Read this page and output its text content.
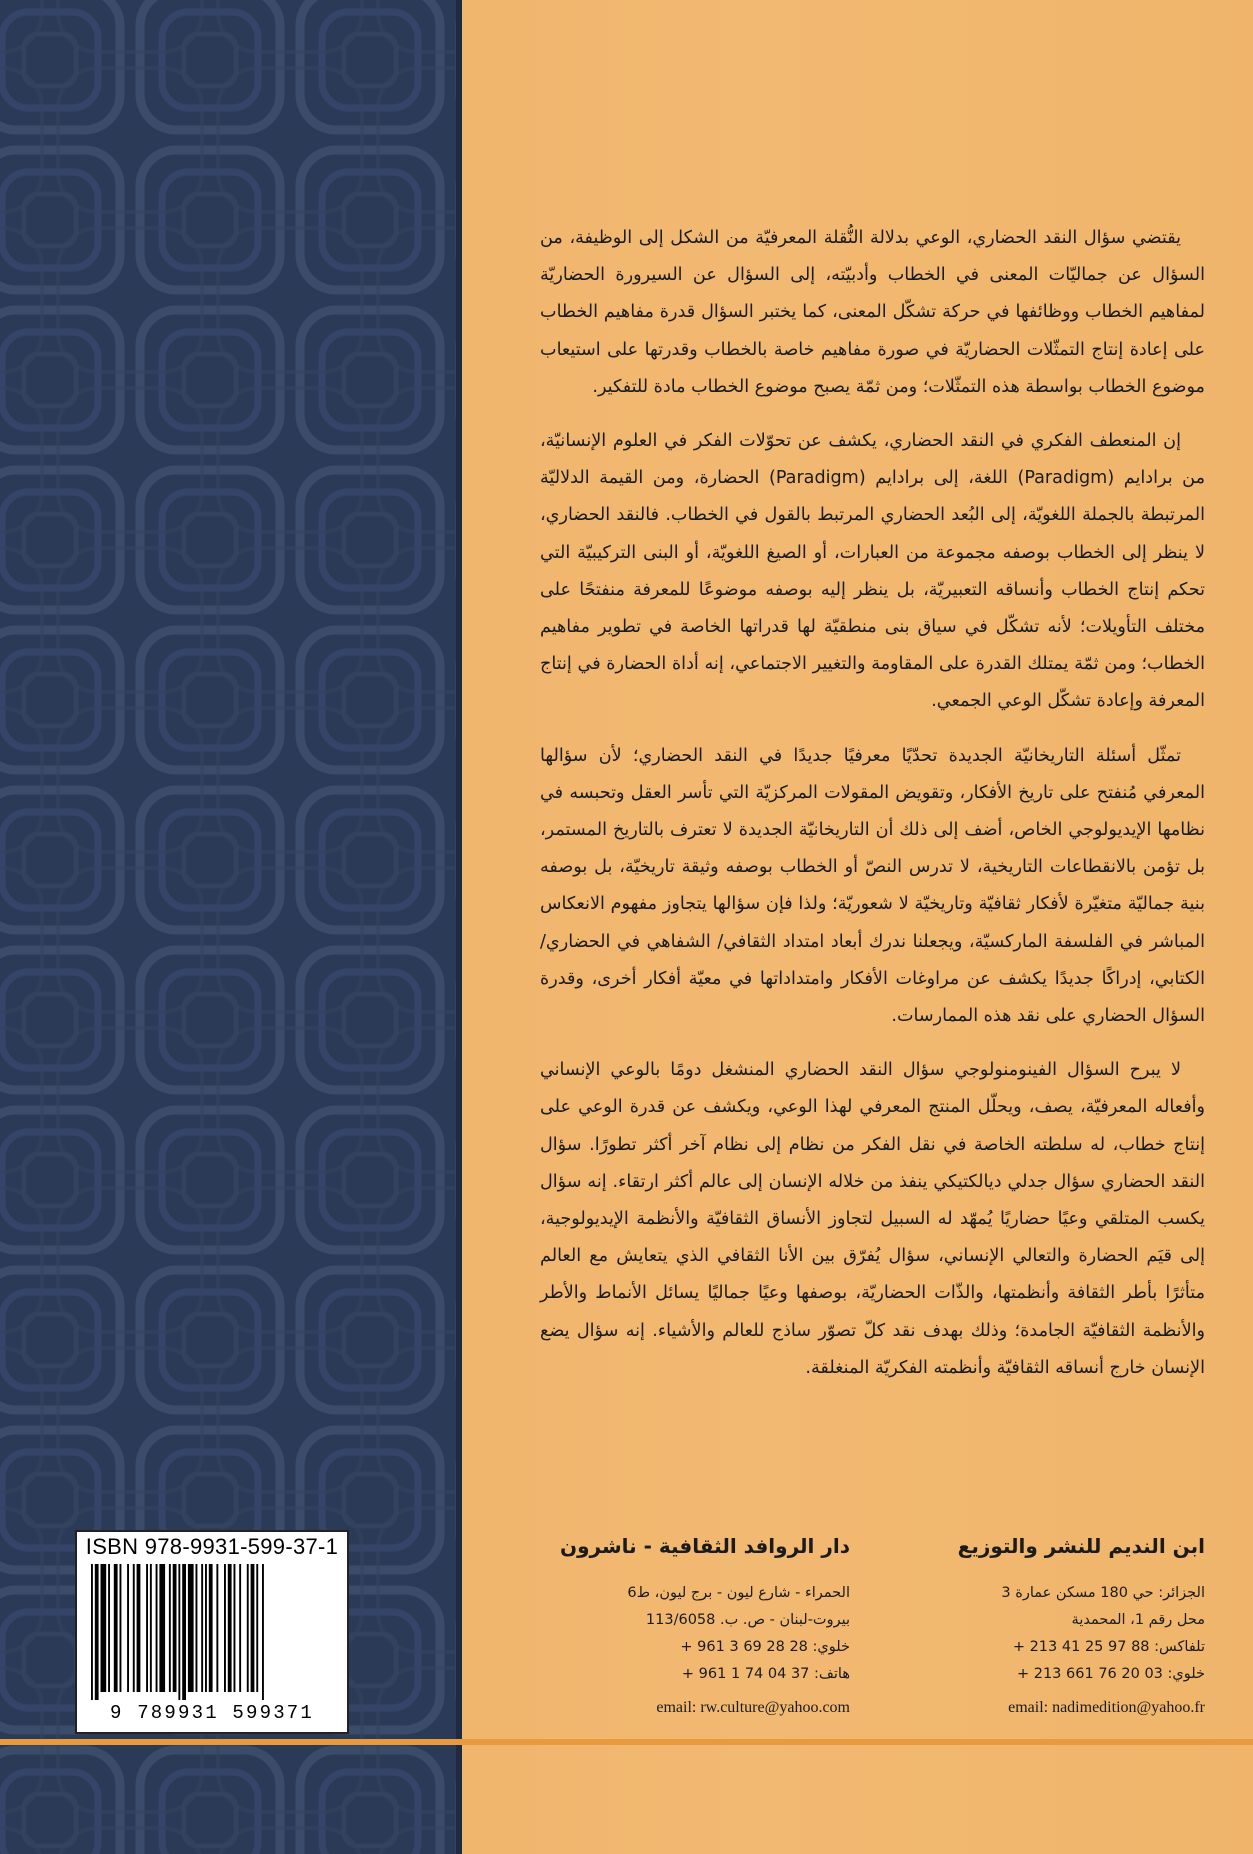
يقتضي سؤال النقد الحضاري، الوعي بدلالة النُّقلة المعرفيّة من الشكل إلى الوظيفة، من السؤال عن جماليّات المعنى في الخطاب وأدبيّته، إلى السؤال عن السيرورة الحضاريّة لمفاهيم الخطاب ووظائفها في حركة تشكّل المعنى، كما يختبر السؤال قدرة مفاهيم الخطاب على إعادة إنتاج التمثّلات الحضاريّة في صورة مفاهيم خاصة بالخطاب وقدرتها على استيعاب موضوع الخطاب بواسطة هذه التمثّلات؛ ومن ثمّة يصبح موضوع الخطاب مادة للتفكير.

إن المنعطف الفكري في النقد الحضاري، يكشف عن تحوّلات الفكر في العلوم الإنسانيّة، من برادايم (Paradigm) اللغة، إلى برادايم (Paradigm) الحضارة، ومن القيمة الدلاليّة المرتبطة بالجملة اللغويّة، إلى البُعد الحضاري المرتبط بالقول في الخطاب. فالنقد الحضاري، لا ينظر إلى الخطاب بوصفه مجموعة من العبارات، أو الصيغ اللغويّة، أو البنى التركيبيّة التي تحكم إنتاج الخطاب وأنساقه التعبيريّة، بل ينظر إليه بوصفه موضوعًا للمعرفة منفتحًا على مختلف التأويلات؛ لأنه تشكّل في سياق بنى منطقيّة لها قدراتها الخاصة في تطوير مفاهيم الخطاب؛ ومن ثمّة يمتلك القدرة على المقاومة والتغيير الاجتماعي، إنه أداة الحضارة في إنتاج المعرفة وإعادة تشكّل الوعي الجمعي.

تمثّل أسئلة التاريخانيّة الجديدة تحدّيًا معرفيًا جديدًا في النقد الحضاري؛ لأن سؤالها المعرفي مُنفتح على تاريخ الأفكار، وتقويض المقولات المركزيّة التي تأسر العقل وتحبسه في نظامها الإيديولوجي الخاص، أضف إلى ذلك أن التاريخانيّة الجديدة لا تعترف بالتاريخ المستمر، بل تؤمن بالانقطاعات التاريخية، لا تدرس النصّ أو الخطاب بوصفه وثيقة تاريخيّة، بل بوصفه بنية جماليّة متغيّرة لأفكار ثقافيّة وتاريخيّة لا شعوريّة؛ ولذا فإن سؤالها يتجاوز مفهوم الانعكاس المباشر في الفلسفة الماركسيّة، ويجعلنا ندرك أبعاد امتداد الثقافي/ الشفاهي في الحضاري/ الكتابي، إدراكًا جديدًا يكشف عن مراوغات الأفكار وامتداداتها في معيّة أفكار أخرى، وقدرة السؤال الحضاري على نقد هذه الممارسات.

لا يبرح السؤال الفينومنولوجي سؤال النقد الحضاري المنشغل دومًا بالوعي الإنساني وأفعاله المعرفيّة، يصف، ويحلّل المنتج المعرفي لهذا الوعي، ويكشف عن قدرة الوعي على إنتاج خطاب، له سلطته الخاصة في نقل الفكر من نظام إلى نظام آخر أكثر تطورًا. سؤال النقد الحضاري سؤال جدلي ديالكتيكي ينفذ من خلاله الإنسان إلى عالم أكثر ارتقاء. إنه سؤال يكسب المتلقي وعيًا حضاريًا يُمهّد له السبيل لتجاوز الأنساق الثقافيّة والأنظمة الإيديولوجية، إلى قيَم الحضارة والتعالي الإنساني، سؤال يُفرّق بين الأنا الثقافي الذي يتعايش مع العالم متأثرًا بأطر الثقافة وأنظمتها، والذّات الحضاريّة، بوصفها وعيًا جماليًا يسائل الأنماط والأطر والأنظمة الثقافيّة الجامدة؛ وذلك بهدف نقد كلّ تصوّر ساذج للعالم والأشياء. إنه سؤال يضع الإنسان خارج أنساقه الثقافيّة وأنظمته الفكريّة المنغلقة.

ابن النديم للنشر والتوزيع
الجزائر: حي 180 مسكن عمارة 3
محل رقم 1، المحمدية
تلفاكس: 88 97 25 41 213 +
خلوي: 03 20 76 661 213 +
email: nadimedition@yahoo.fr
دار الروافد الثقافية - ناشرون
الحمراء - شارع ليون - برج ليون، ط6
بيروت-لبنان - ص. ب. 113/6058
خلوي: 28 28 69 3 961 +
هاتف: 37 04 74 1 961 +
email: rw.culture@yahoo.com
ISBN 978-9931-599-37-1
9 789931 599371
